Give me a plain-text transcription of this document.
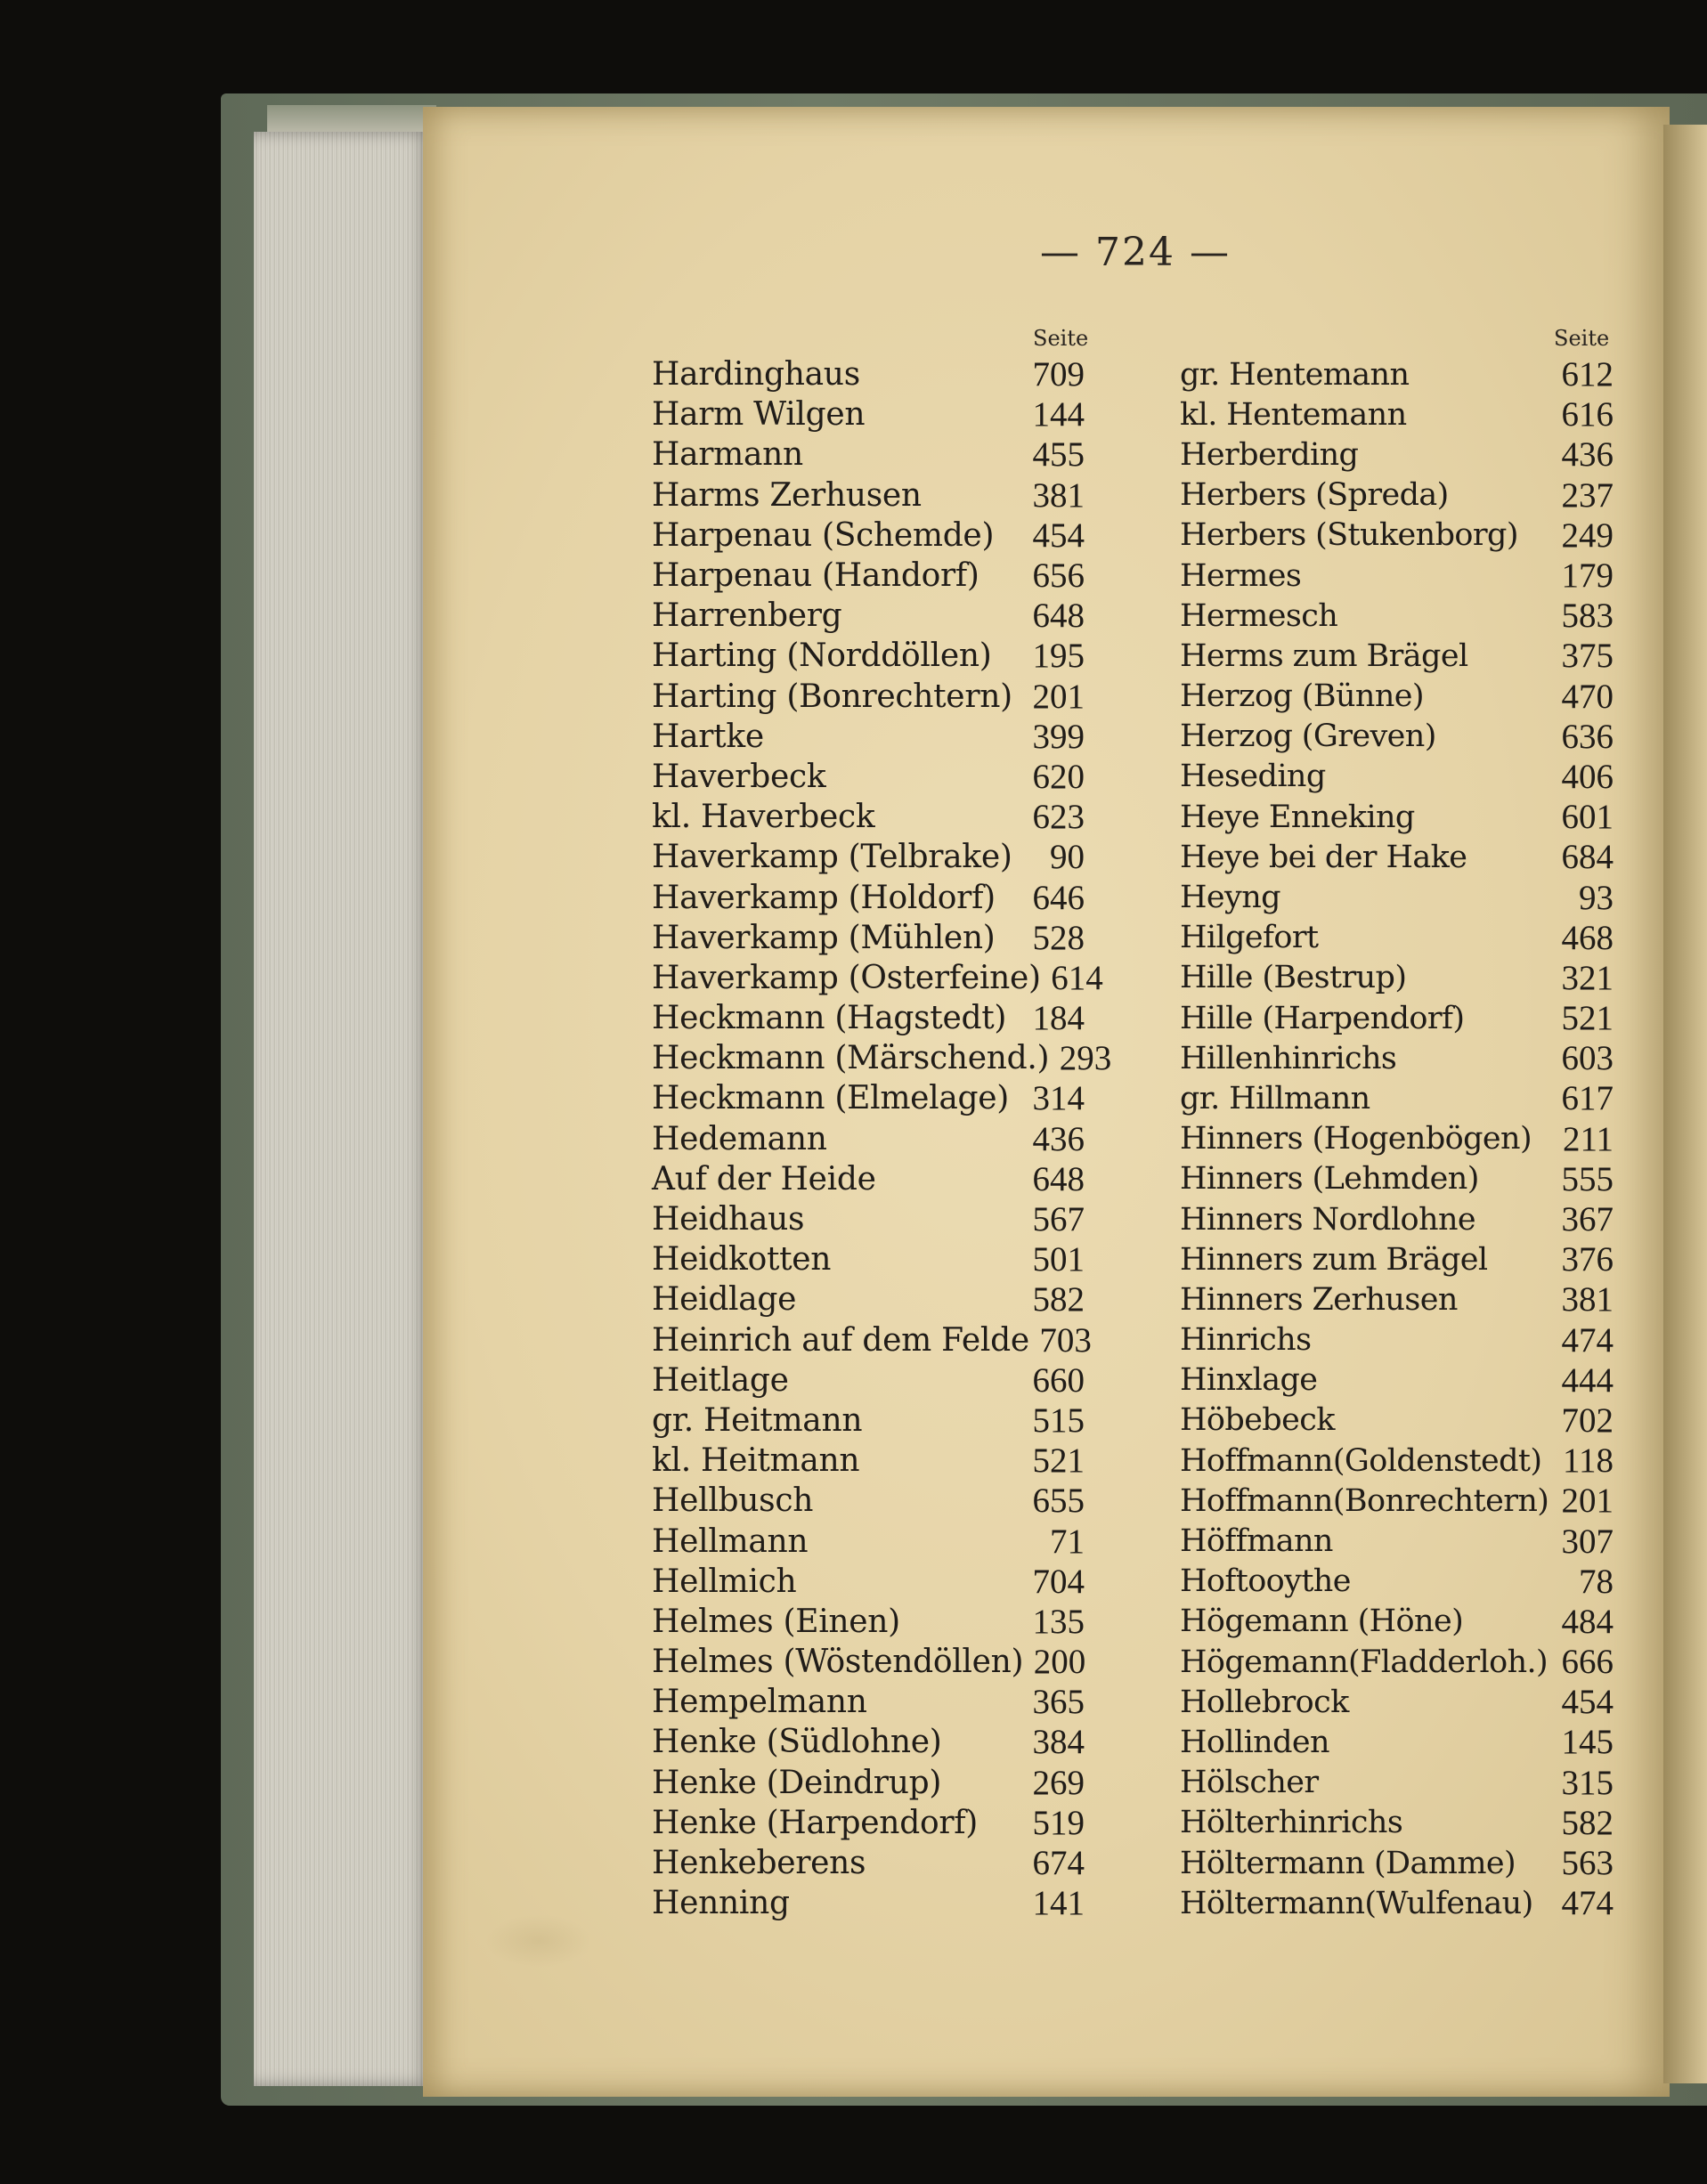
— 724 —
Seite	Seite
Hardinghaus	709
Harm Wilgen	144
Harmann	455
Harms Zerhusen	381
Harpenau (Schemde) 454
Harpenau (Handorf) 656
Harrenberg	648
Harting (Norddöllen) 195
Harting (Bonrechtern) 201
Hartke	399
Haverbeck	620
kl. Haverbeck	623
Haverkamp (Telbrake)	90
Haverkamp (Holdorf) 646
Haverkamp (Mühlen) 528
Haverkamp (Osterfeine) 614
Heckmann (Hagstedt) 184
Heckmann (Märschend.) 293
Heckmann (Elmelage) 314
Hedemann	436
Auf der Heide	648
Heidhaus	567
Heidkotten	501
Heidlage	582
Heinrich auf dem Felde 703
Heitlage	660
gr. Heitmann	515
kl. Heitmann	521
Hellbusch	655
Hellmann	71
Hellmich	704
Helmes (Einen)	135
Helmes (Wöstendöllen) 200
Hempelmann	365
Henke (Südlohne)	384
Henke (Deindrup)	269
Henke (Harpendorf) 519
Henkeberens	674
Henning	141
gr. Hentemann	612
kl. Hentemann	616
Herberding	436
Herbers (Spreda)	237
Herbers (Stukenborg) 249
Hermes	179
Hermesch	583
Herms zum Brägel	375
Herzog (Bünne)	470
Herzog (Greven)	636
Heseding	406
Heye Enneking	601
Heye bei der Hake	684
Heyng	93
Hilgefort	468
Hille (Bestrup)	321
Hille (Harpendorf)	521
Hillenhinrichs	603
gr. Hillmann	617
Hinners (Hogenbögen) 211
Hinners (Lehmden) 555
Hinners Nordlohne 367
Hinners zum Brägel 376
Hinners Zerhusen	381
Hinrichs	474
Hinxlage	444
Höbebeck	702
Hoffmann(Goldenstedt) 118
Hoffmann(Bonrechtern) 201
Höffmann	307
Hoftooythe	78
Högemann (Höne)	484
Högemann(Fladderloh.) 666
Hollebrock	454
Hollinden	145
Hölscher	315
Hölterhinrichs	582
Höltermann (Damme) 563
Höltermann(Wulfenau) 474
